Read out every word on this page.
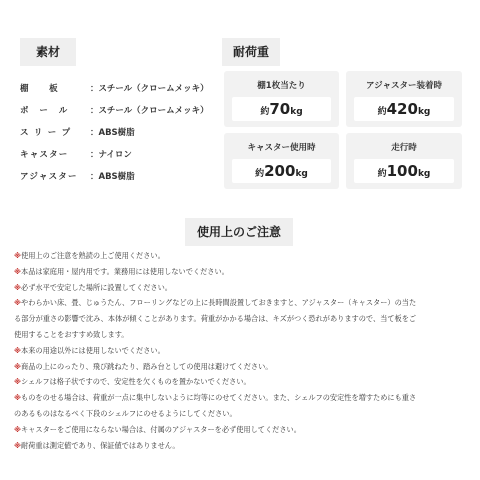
素材
棚　　板	：スチール（クロームメッキ）
ポ　ー　ル	：スチール（クロームメッキ）
ス リ ー プ	：ABS樹脂
キャスター	：ナイロン
アジャスター	：ABS樹脂
耐荷重
棚1枚当たり
約70kg
アジャスター装着時
約420kg
キャスター使用時
約200kg
走行時
約100kg
使用上のご注意
※使用上のご注意を熟読の上ご使用ください。
※本品は家庭用・屋内用です。業務用には使用しないでください。
※必ず水平で安定した場所に設置してください。
※やわらかい床、畳、じゅうたん、フローリングなどの上に長時間設置しておきますと、アジャスター（キャスター）の当た
る部分が重さの影響で沈み、本体が傾くことがあります。荷重がかかる場合は、キズがつく恐れがありますので、当て板をご
使用することをおすすめ致します。
※本来の用途以外には使用しないでください。
※商品の上にのったり、飛び跳ねたり、踏み台としての使用は避けてください。
※シェルフは格子状ですので、安定性を欠くものを置かないでください。
※ものをのせる場合は、荷重が一点に集中しないように均等にのせてください。また、シェルフの安定性を増すためにも重さ
のあるものはなるべく下段のシェルフにのせるようにしてください。
※キャスターをご使用にならない場合は、付属のアジャスターを必ず使用してください。
※耐荷重は測定値であり、保証値ではありません。
